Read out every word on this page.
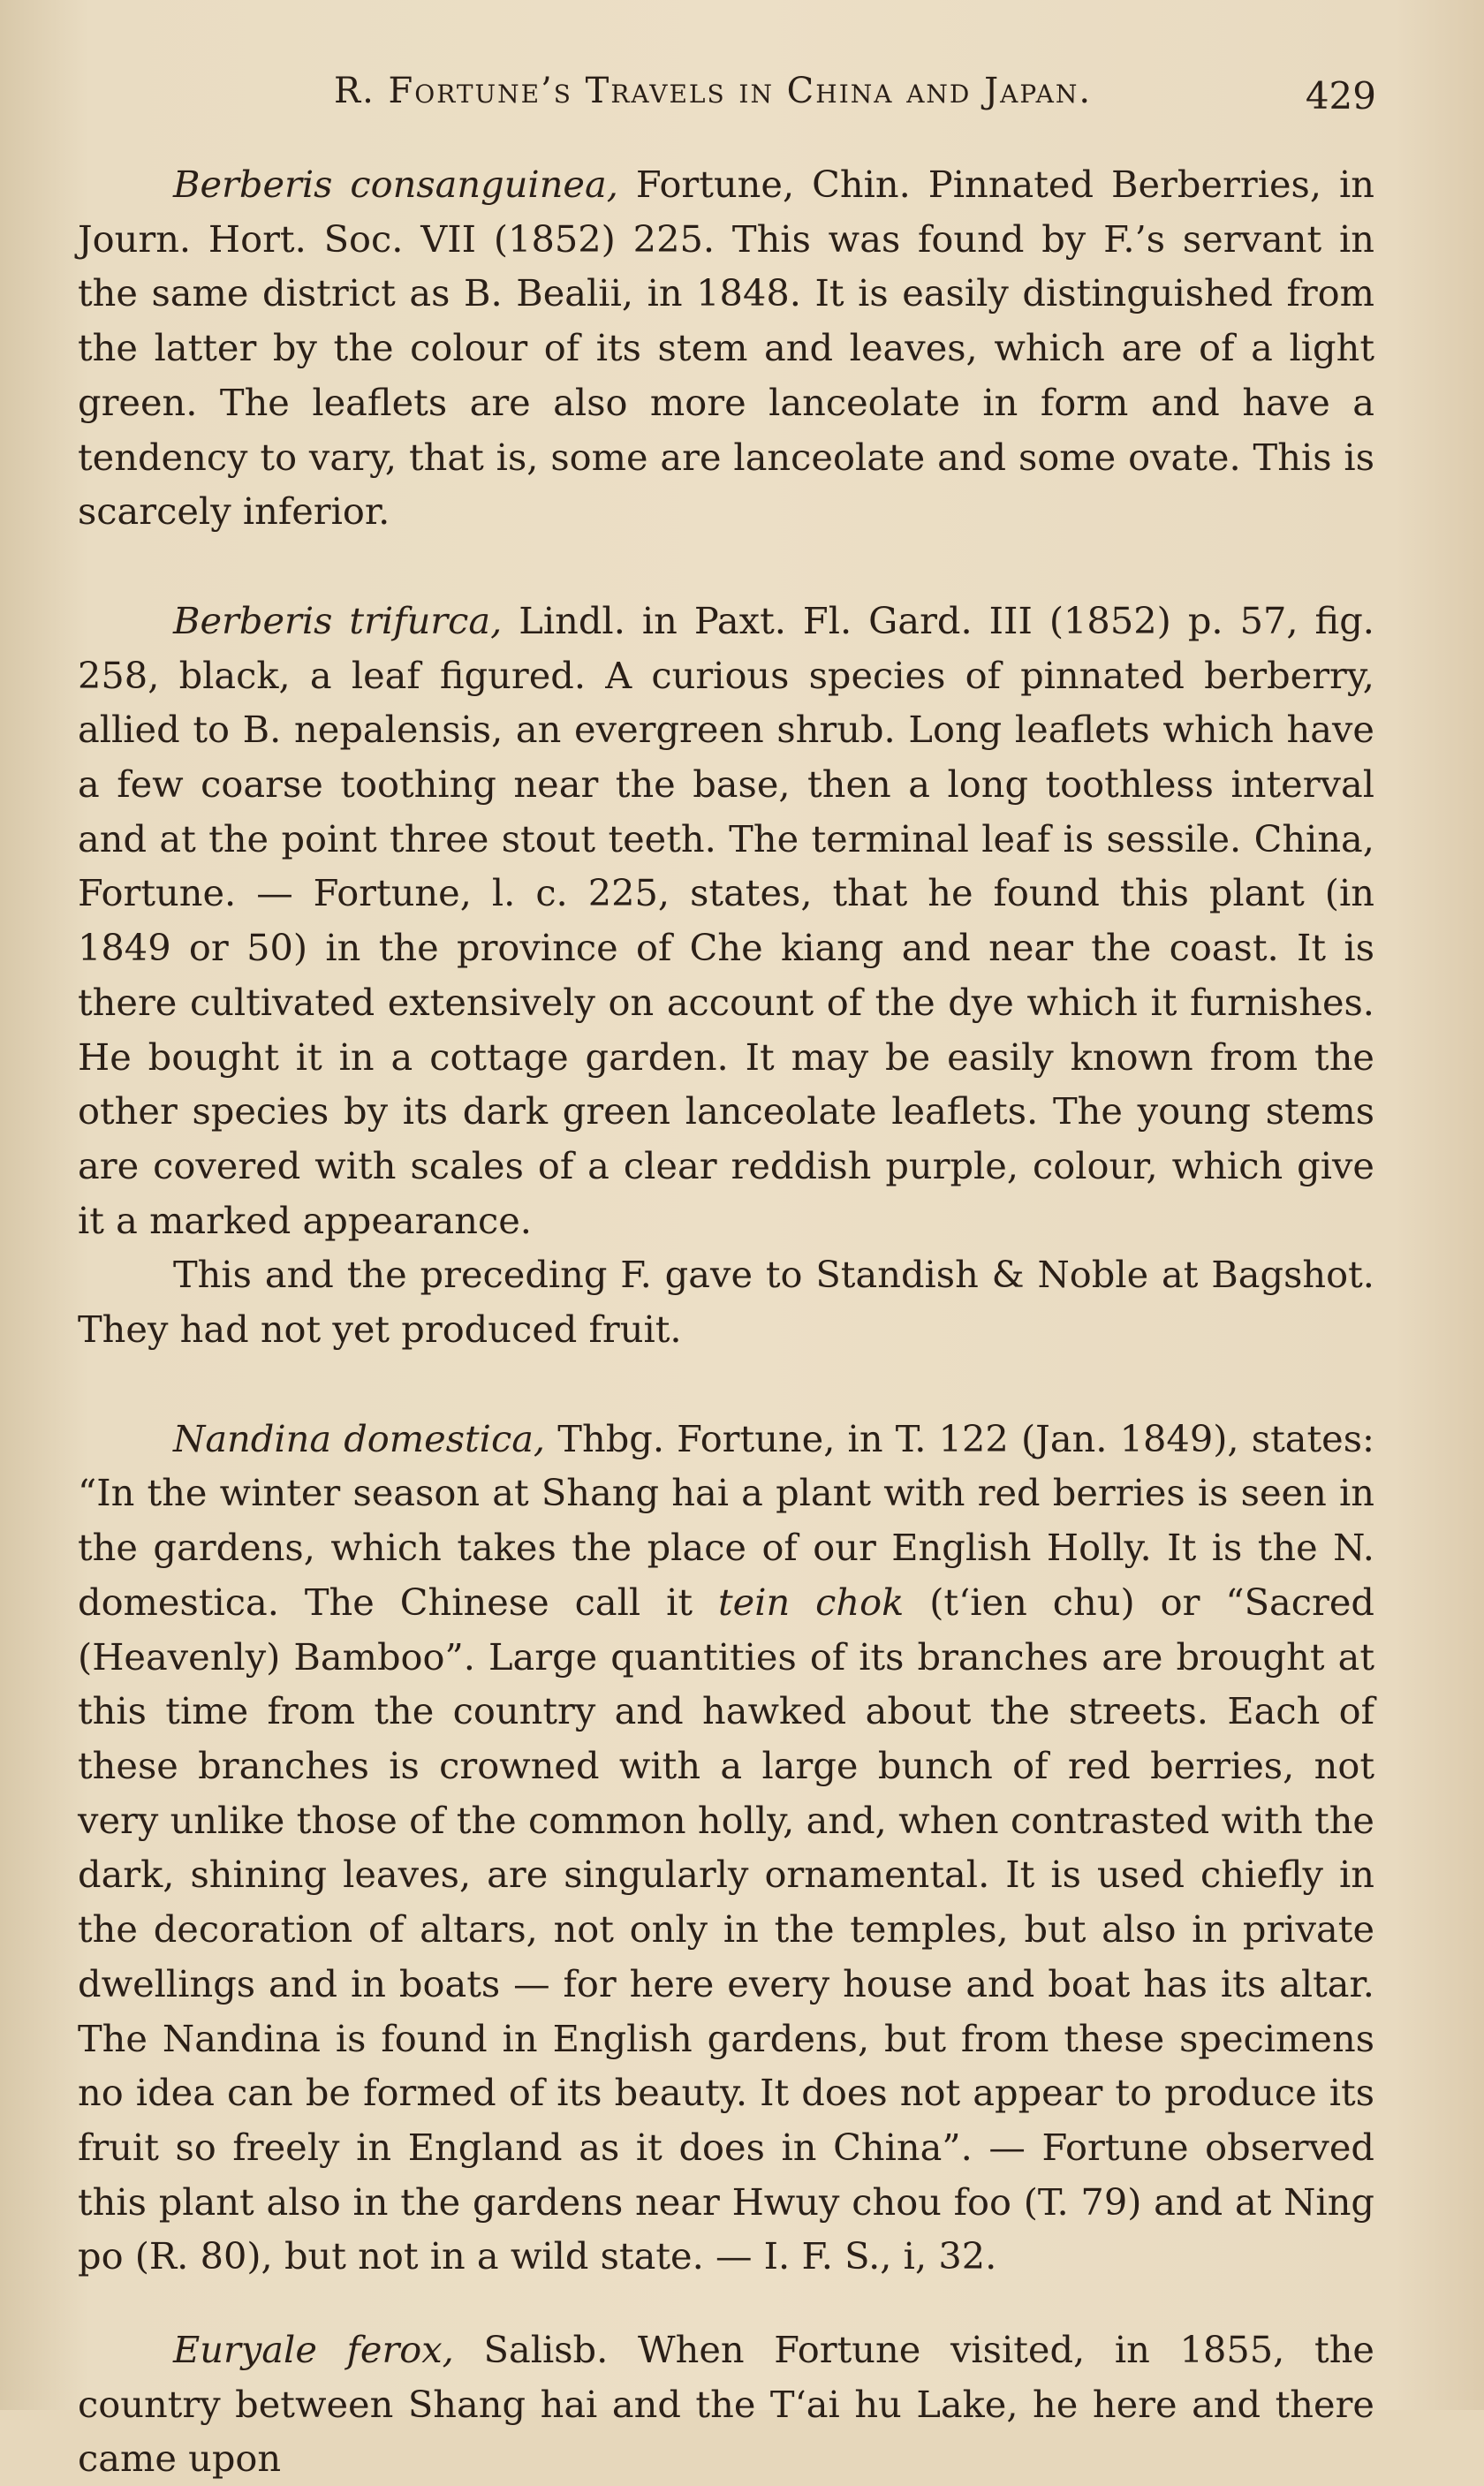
R. Fortune’s Travels in China and Japan.	429

Berberis consanguinea, Fortune, Chin. Pinnated Berberries, in Journ. Hort. Soc. VII (1852) 225. This was found by F.’s servant in the same district as B. Bealii, in 1848. It is easily distinguished from the latter by the colour of its stem and leaves, which are of a light green. The leaflets are also more lanceolate in form and have a tendency to vary, that is, some are lanceolate and some ovate. This is scarcely inferior.

Berberis trifurca, Lindl. in Paxt. Fl. Gard. III (1852) p. 57, fig. 258, black, a leaf figured. A curious species of pinnated berberry, allied to B. nepalensis, an evergreen shrub. Long leaflets which have a few coarse toothing near the base, then a long toothless interval and at the point three stout teeth. The terminal leaf is sessile. China, Fortune. — Fortune, l. c. 225, states, that he found this plant (in 1849 or 50) in the province of Che kiang and near the coast. It is there cultivated extensively on account of the dye which it furnishes. He bought it in a cottage garden. It may be easily known from the other species by its dark green lanceolate leaflets. The young stems are covered with scales of a clear reddish purple, colour, which give it a marked appearance.

This and the preceding F. gave to Standish & Noble at Bagshot. They had not yet produced fruit.

Nandina domestica, Thbg. Fortune, in T. 122 (Jan. 1849), states: “In the winter season at Shang hai a plant with red berries is seen in the gardens, which takes the place of our English Holly. It is the N. domestica. The Chinese call it tein chok (t‘ien chu) or “Sacred (Heavenly) Bamboo”. Large quantities of its branches are brought at this time from the country and hawked about the streets. Each of these branches is crowned with a large bunch of red berries, not very unlike those of the common holly, and, when contrasted with the dark, shining leaves, are singularly ornamental. It is used chiefly in the decoration of altars, not only in the temples, but also in private dwellings and in boats — for here every house and boat has its altar. The Nandina is found in English gardens, but from these specimens no idea can be formed of its beauty. It does not appear to produce its fruit so freely in England as it does in China”. — Fortune observed this plant also in the gardens near Hwuy chou foo (T. 79) and at Ning po (R. 80), but not in a wild state. — I. F. S., i, 32.

Euryale ferox, Salisb. When Fortune visited, in 1855, the country between Shang hai and the T‘ai hu Lake, he here and there came upon
